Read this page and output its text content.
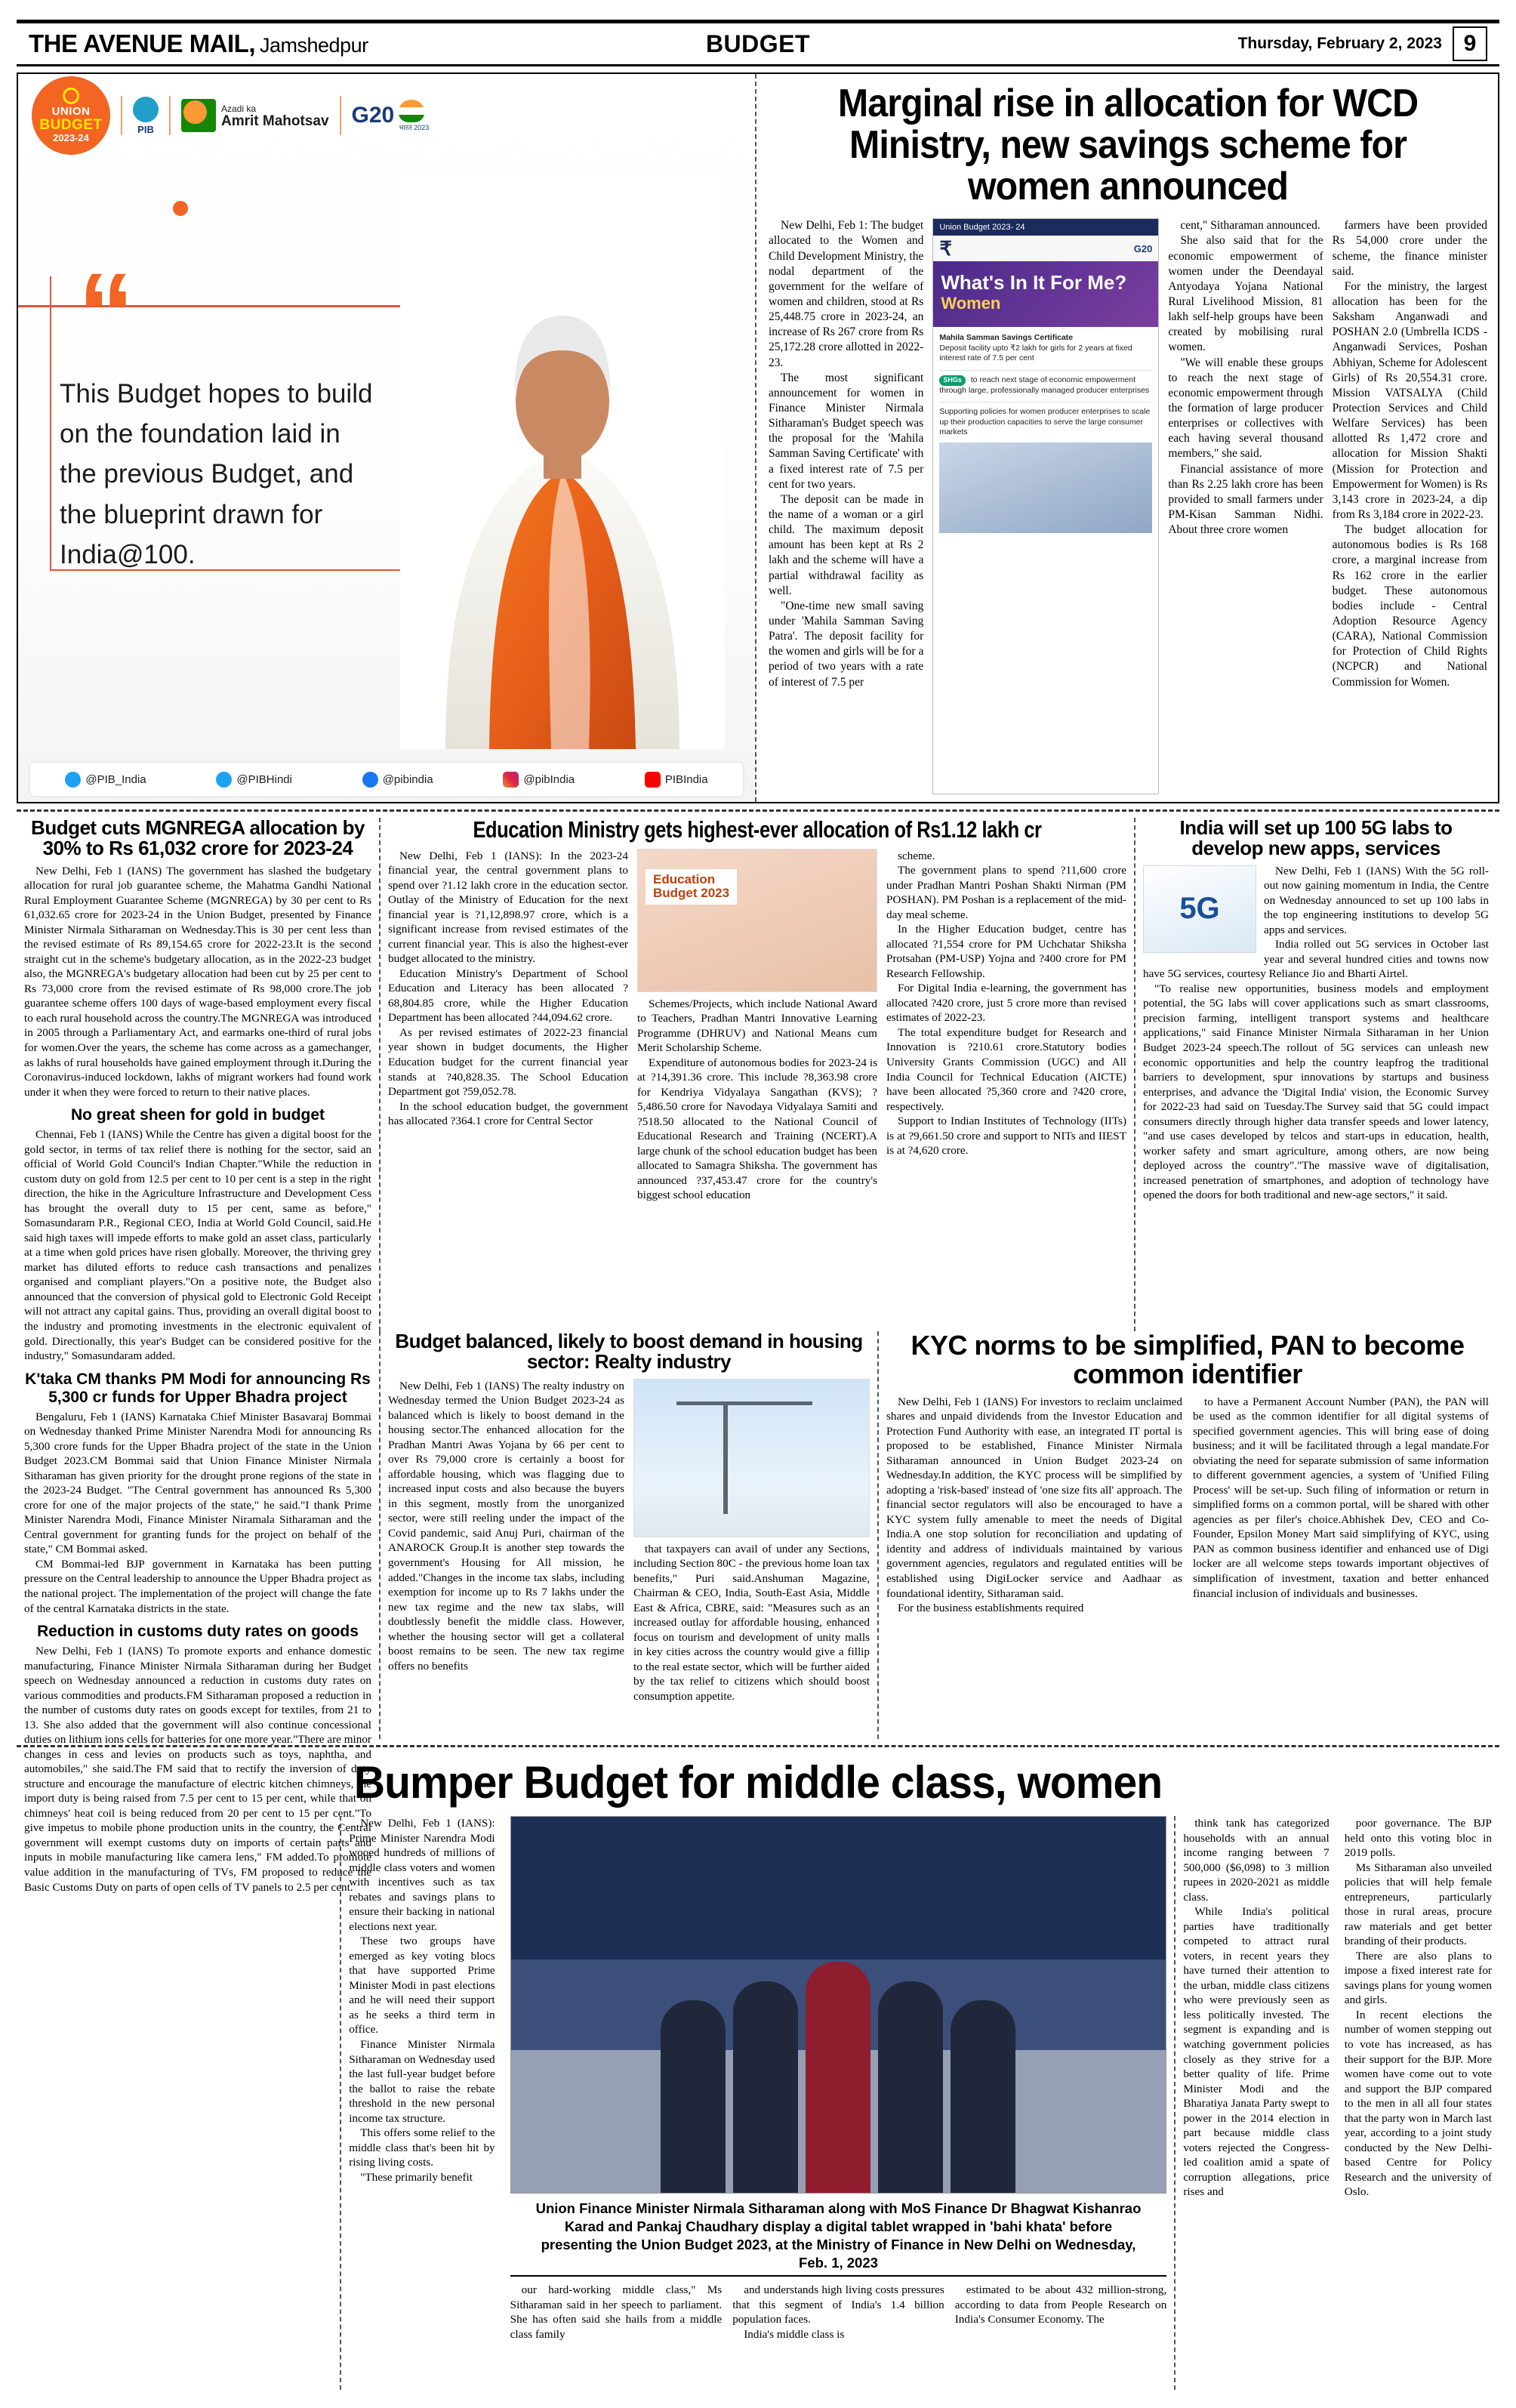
THE AVENUE MAIL, Jamshedpur	BUDGET	Thursday, February 2, 2023 9
UNION
BUDGET
2023-24
PIB
Azadi ka
Amrit Mahotsav G20 भारत 2023
“
This Budget hopes to build on the foundation laid in the previous Budget, and the blueprint drawn for India@100.
@PIB_India	@PIBHindi	@pibindia	@pibIndia	PIBIndia
Marginal rise in allocation for WCD Ministry, new savings scheme for women announced

New Delhi, Feb 1: The budget allocated to the Women and Child Development Ministry, the nodal department of the government for the welfare of women and children, stood at Rs 25,448.75 crore in 2023-24, an increase of Rs 267 crore from Rs 25,172.28 crore allotted in 2022-23.

The most significant announcement for women in Finance Minister Nirmala Sitharaman's Budget speech was the proposal for the 'Mahila Samman Saving Certificate' with a fixed interest rate of 7.5 per cent for two years.

The deposit can be made in the name of a woman or a girl child. The maximum deposit amount has been kept at Rs 2 lakh and the scheme will have a partial withdrawal facility as well.

"One-time new small saving under 'Mahila Samman Saving Patra'. The deposit facility for the women and girls will be for a period of two years with a rate of interest of 7.5 per

Union Budget 2023- 24
₹	G20
What's In It For Me?
Women
Mahila Samman Savings Certificate
Deposit facility upto ₹2 lakh for girls for 2 years at fixed interest rate of 7.5 per cent
SHGs to reach next stage of economic empowerment through large, professionally managed producer enterprises
Supporting policies for women producer enterprises to scale up their production capacities to serve the large consumer markets

cent," Sitharaman announced.

She also said that for the economic empowerment of women under the Deendayal Antyodaya Yojana National Rural Livelihood Mission, 81 lakh self-help groups have been created by mobilising rural women.

"We will enable these groups to reach the next stage of economic empowerment through the formation of large producer enterprises or collectives with each having several thousand members," she said.

Financial assistance of more than Rs 2.25 lakh crore has been provided to small farmers under PM-Kisan Samman Nidhi. About three crore women

farmers have been provided Rs 54,000 crore under the scheme, the finance minister said.

For the ministry, the largest allocation has been for the Saksham Anganwadi and POSHAN 2.0 (Umbrella ICDS - Anganwadi Services, Poshan Abhiyan, Scheme for Adolescent Girls) of Rs 20,554.31 crore. Mission VATSALYA (Child Protection Services and Child Welfare Services) has been allotted Rs 1,472 crore and allocation for Mission Shakti (Mission for Protection and Empowerment for Women) is Rs 3,143 crore in 2023-24, a dip from Rs 3,184 crore in 2022-23.

The budget allocation for autonomous bodies is Rs 168 crore, a marginal increase from Rs 162 crore in the earlier budget. These autonomous bodies include - Central Adoption Resource Agency (CARA), National Commission for Protection of Child Rights (NCPCR) and National Commission for Women.

Budget cuts MGNREGA allocation by 30% to Rs 61,032 crore for 2023-24

New Delhi, Feb 1 (IANS) The government has slashed the budgetary allocation for rural job guarantee scheme, the Mahatma Gandhi National Rural Employment Guarantee Scheme (MGNREGA) by 30 per cent to Rs 61,032.65 crore for 2023-24 in the Union Budget, presented by Finance Minister Nirmala Sitharaman on Wednesday.This is 30 per cent less than the revised estimate of Rs 89,154.65 crore for 2022-23.It is the second straight cut in the scheme's budgetary allocation, as in the 2022-23 budget also, the MGNREGA's budgetary allocation had been cut by 25 per cent to Rs 73,000 crore from the revised estimate of Rs 98,000 crore.The job guarantee scheme offers 100 days of wage-based employment every fiscal to each rural household across the country.The MGNREGA was introduced in 2005 through a Parliamentary Act, and earmarks one-third of rural jobs for women.Over the years, the scheme has come across as a gamechanger, as lakhs of rural households have gained employment through it.During the Coronavirus-induced lockdown, lakhs of migrant workers had found work under it when they were forced to return to their native places.

No great sheen for gold in budget

Chennai, Feb 1 (IANS) While the Centre has given a digital boost for the gold sector, in terms of tax relief there is nothing for the sector, said an official of World Gold Council's Indian Chapter."While the reduction in custom duty on gold from 12.5 per cent to 10 per cent is a step in the right direction, the hike in the Agriculture Infrastructure and Development Cess has brought the overall duty to 15 per cent, same as before," Somasundaram P.R., Regional CEO, India at World Gold Council, said.He said high taxes will impede efforts to make gold an asset class, particularly at a time when gold prices have risen globally. Moreover, the thriving grey market has diluted efforts to reduce cash transactions and penalizes organised and compliant players."On a positive note, the Budget also announced that the conversion of physical gold to Electronic Gold Receipt will not attract any capital gains. Thus, providing an overall digital boost to the industry and promoting investments in the electronic equivalent of gold. Directionally, this year's Budget can be considered positive for the industry," Somasundaram added.

K'taka CM thanks PM Modi for announcing Rs 5,300 cr funds for Upper Bhadra project

Bengaluru, Feb 1 (IANS) Karnataka Chief Minister Basavaraj Bommai on Wednesday thanked Prime Minister Narendra Modi for announcing Rs 5,300 crore funds for the Upper Bhadra project of the state in the Union Budget 2023.CM Bommai said that Union Finance Minister Nirmala Sitharaman has given priority for the drought prone regions of the state in the 2023-24 Budget. "The Central government has announced Rs 5,300 crore for one of the major projects of the state," he said."I thank Prime Minister Narendra Modi, Finance Minister Niramala Sitharaman and the Central government for granting funds for the project on behalf of the state," CM Bommai asked.

CM Bommai-led BJP government in Karnataka has been putting pressure on the Central leadership to announce the Upper Bhadra project as the national project. The implementation of the project will change the fate of the central Karnataka districts in the state.

Reduction in customs duty rates on goods

New Delhi, Feb 1 (IANS) To promote exports and enhance domestic manufacturing, Finance Minister Nirmala Sitharaman during her Budget speech on Wednesday announced a reduction in customs duty rates on various commodities and products.FM Sitharaman proposed a reduction in the number of customs duty rates on goods except for textiles, from 21 to 13. She also added that the government will also continue concessional duties on lithium ions cells for batteries for one more year."There are minor changes in cess and levies on products such as toys, naphtha, and automobiles," she said.The FM said that to rectify the inversion of duty structure and encourage the manufacture of electric kitchen chimneys, the import duty is being raised from 7.5 per cent to 15 per cent, while that on chimneys' heat coil is being reduced from 20 per cent to 15 per cent."To give impetus to mobile phone production units in the country, the Central government will exempt customs duty on imports of certain parts and inputs in mobile manufacturing like camera lens," FM added.To promote value addition in the manufacturing of TVs, FM proposed to reduce the Basic Customs Duty on parts of open cells of TV panels to 2.5 per cent.

Education Ministry gets highest-ever allocation of Rs1.12 lakh cr

New Delhi, Feb 1 (IANS): In the 2023-24 financial year, the central government plans to spend over ?1.12 lakh crore in the education sector. Outlay of the Ministry of Education for the next financial year is ?1,12,898.97 crore, which is a significant increase from revised estimates of the current financial year. This is also the highest-ever budget allocated to the ministry.

Education Ministry's Department of School Education and Literacy has been allocated ?68,804.85 crore, while the Higher Education Department has been allocated ?44,094.62 crore.

As per revised estimates of 2022-23 financial year shown in budget documents, the Higher Education budget for the current financial year stands at ?40,828.35. The School Education Department got ?59,052.78.

In the school education budget, the government has allocated ?364.1 crore for Central Sector

Education
Budget 2023

Schemes/Projects, which include National Award to Teachers, Pradhan Mantri Innovative Learning Programme (DHRUV) and National Means cum Merit Scholarship Scheme.

Expenditure of autonomous bodies for 2023-24 is at ?14,391.36 crore. This include ?8,363.98 crore for Kendriya Vidyalaya Sangathan (KVS); ?5,486.50 crore for Navodaya Vidyalaya Samiti and ?518.50 allocated to the National Council of Educational Research and Training (NCERT).A large chunk of the school education budget has been allocated to Samagra Shiksha. The government has announced ?37,453.47 crore for the country's biggest school education

scheme.

The government plans to spend ?11,600 crore under Pradhan Mantri Poshan Shakti Nirman (PM POSHAN). PM Poshan is a replacement of the mid-day meal scheme.

In the Higher Education budget, centre has allocated ?1,554 crore for PM Uchchatar Shiksha Protsahan (PM-USP) Yojna and ?400 crore for PM Research Fellowship.

For Digital India e-learning, the government has allocated ?420 crore, just 5 crore more than revised estimates of 2022-23.

The total expenditure budget for Research and Innovation is ?210.61 crore.Statutory bodies University Grants Commission (UGC) and All India Council for Technical Education (AICTE) have been allocated ?5,360 crore and ?420 crore, respectively.

Support to Indian Institutes of Technology (IITs) is at ?9,661.50 crore and support to NITs and IIEST is at ?4,620 crore.

India will set up 100 5G labs to develop new apps, services
5G

New Delhi, Feb 1 (IANS) With the 5G roll-out now gaining momentum in India, the Centre on Wednesday announced to set up 100 labs in the top engineering institutions to develop 5G apps and services.

India rolled out 5G services in October last year and several hundred cities and towns now have 5G services, courtesy Reliance Jio and Bharti Airtel.

"To realise new opportunities, business models and employment potential, the 5G labs will cover applications such as smart classrooms, precision farming, intelligent transport systems and healthcare applications," said Finance Minister Nirmala Sitharaman in her Union Budget 2023-24 speech.The rollout of 5G services can unleash new economic opportunities and help the country leapfrog the traditional barriers to development, spur innovations by startups and business enterprises, and advance the 'Digital India' vision, the Economic Survey for 2022-23 had said on Tuesday.The Survey said that 5G could impact consumers directly through higher data transfer speeds and lower latency, "and use cases developed by telcos and start-ups in education, health, worker safety and smart agriculture, among others, are now being deployed across the country"."The massive wave of digitalisation, increased penetration of smartphones, and adoption of technology have opened the doors for both traditional and new-age sectors," it said.

Budget balanced, likely to boost demand in housing sector: Realty industry

New Delhi, Feb 1 (IANS) The realty industry on Wednesday termed the Union Budget 2023-24 as balanced which is likely to boost demand in the housing sector.The enhanced allocation for the Pradhan Mantri Awas Yojana by 66 per cent to over Rs 79,000 crore is certainly a boost for affordable housing, which was flagging due to increased input costs and also because the buyers in this segment, mostly from the unorganized sector, were still reeling under the impact of the Covid pandemic, said Anuj Puri, chairman of the ANAROCK Group.It is another step towards the government's Housing for All mission, he added."Changes in the income tax slabs, including exemption for income up to Rs 7 lakhs under the new tax regime and the new tax slabs, will doubtlessly benefit the middle class. However, whether the housing sector will get a collateral boost remains to be seen. The new tax regime offers no benefits

that taxpayers can avail of under any Sections, including Section 80C - the previous home loan tax benefits," Puri said.Anshuman Magazine, Chairman & CEO, India, South-East Asia, Middle East & Africa, CBRE, said: "Measures such as an increased outlay for affordable housing, enhanced focus on tourism and development of unity malls in key cities across the country would give a fillip to the real estate sector, which will be further aided by the tax relief to citizens which should boost consumption appetite.

KYC norms to be simplified, PAN to become common identifier

New Delhi, Feb 1 (IANS) For investors to reclaim unclaimed shares and unpaid dividends from the Investor Education and Protection Fund Authority with ease, an integrated IT portal is proposed to be established, Finance Minister Nirmala Sitharaman announced in Union Budget 2023-24 on Wednesday.In addition, the KYC process will be simplified by adopting a 'risk-based' instead of 'one size fits all' approach. The financial sector regulators will also be encouraged to have a KYC system fully amenable to meet the needs of Digital India.A one stop solution for reconciliation and updating of identity and address of individuals maintained by various government agencies, regulators and regulated entities will be established using DigiLocker service and Aadhaar as foundational identity, Sitharaman said.

For the business establishments required

to have a Permanent Account Number (PAN), the PAN will be used as the common identifier for all digital systems of specified government agencies. This will bring ease of doing business; and it will be facilitated through a legal mandate.For obviating the need for separate submission of same information to different government agencies, a system of 'Unified Filing Process' will be set-up. Such filing of information or return in simplified forms on a common portal, will be shared with other agencies as per filer's choice.Abhishek Dev, CEO and Co-Founder, Epsilon Money Mart said simplifying of KYC, using PAN as common business identifier and enhanced use of Digi locker are all welcome steps towards important objectives of simplification of investment, taxation and better enhanced financial inclusion of individuals and businesses.

Bumper Budget for middle class, women

New Delhi, Feb 1 (IANS): Prime Minister Narendra Modi wooed hundreds of millions of middle class voters and women with incentives such as tax rebates and savings plans to ensure their backing in national elections next year.

These two groups have emerged as key voting blocs that have supported Prime Minister Modi in past elections and he will need their support as he seeks a third term in office.

Finance Minister Nirmala Sitharaman on Wednesday used the last full-year budget before the ballot to raise the rebate threshold in the new personal income tax structure.

This offers some relief to the middle class that's been hit by rising living costs.

"These primarily benefit

Union Finance Minister Nirmala Sitharaman along with MoS Finance Dr Bhagwat Kishanrao Karad and Pankaj Chaudhary display a digital tablet wrapped in 'bahi khata' before presenting the Union Budget 2023, at the Ministry of Finance in New Delhi on Wednesday, Feb. 1, 2023

our hard-working middle class," Ms Sitharaman said in her speech to parliament. She has often said she hails from a middle class family

and understands high living costs pressures that this segment of India's 1.4 billion population faces.

India's middle class is

estimated to be about 432 million-strong, according to data from People Research on India's Consumer Economy. The

think tank has categorized households with an annual income ranging between 7 500,000 ($6,098) to 3 million rupees in 2020-2021 as middle class.

While India's political parties have traditionally competed to attract rural voters, in recent years they have turned their attention to the urban, middle class citizens who were previously seen as less politically invested. The segment is expanding and is watching government policies closely as they strive for a better quality of life. Prime Minister Modi and the Bharatiya Janata Party swept to power in the 2014 election in part because middle class voters rejected the Congress-led coalition amid a spate of corruption allegations, price rises and

poor governance. The BJP held onto this voting bloc in 2019 polls.

Ms Sitharaman also unveiled policies that will help female entrepreneurs, particularly those in rural areas, procure raw materials and get better branding of their products.

There are also plans to impose a fixed interest rate for savings plans for young women and girls.

In recent elections the number of women stepping out to vote has increased, as has their support for the BJP. More women have come out to vote and support the BJP compared to the men in all all four states that the party won in March last year, according to a joint study conducted by the New Delhi-based Centre for Policy Research and the university of Oslo.
